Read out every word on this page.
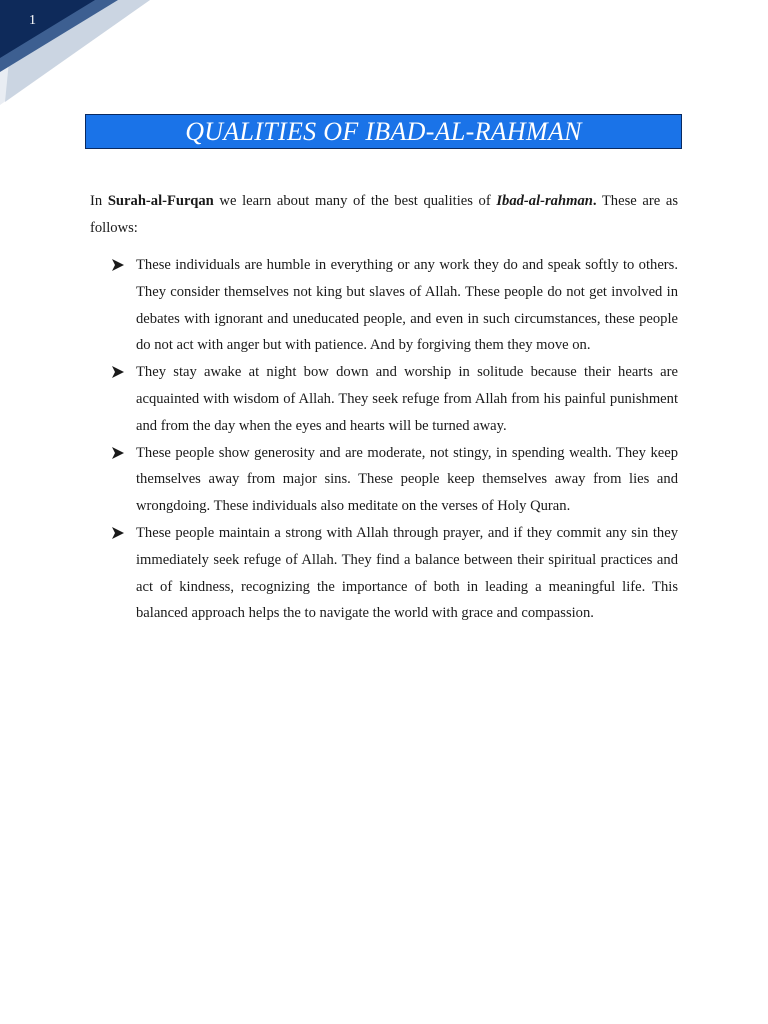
1
QUALITIES OF IBAD-AL-RAHMAN

In Surah-al-Furqan we learn about many of the best qualities of Ibad-al-rahman. These are as follows:

These individuals are humble in everything or any work they do and speak softly to others. They consider themselves not king but slaves of Allah. These people do not get involved in debates with ignorant and uneducated people, and even in such circumstances, these people do not act with anger but with patience. And by forgiving them they move on.
They stay awake at night bow down and worship in solitude because their hearts are acquainted with wisdom of Allah. They seek refuge from Allah from his painful punishment and from the day when the eyes and hearts will be turned away.
These people show generosity and are moderate, not stingy, in spending wealth. They keep themselves away from major sins. These people keep themselves away from lies and wrongdoing. These individuals also meditate on the verses of Holy Quran.
These people maintain a strong with Allah through prayer, and if they commit any sin they immediately seek refuge of Allah. They find a balance between their spiritual practices and act of kindness, recognizing the importance of both in leading a meaningful life. This balanced approach helps the to navigate the world with grace and compassion.
